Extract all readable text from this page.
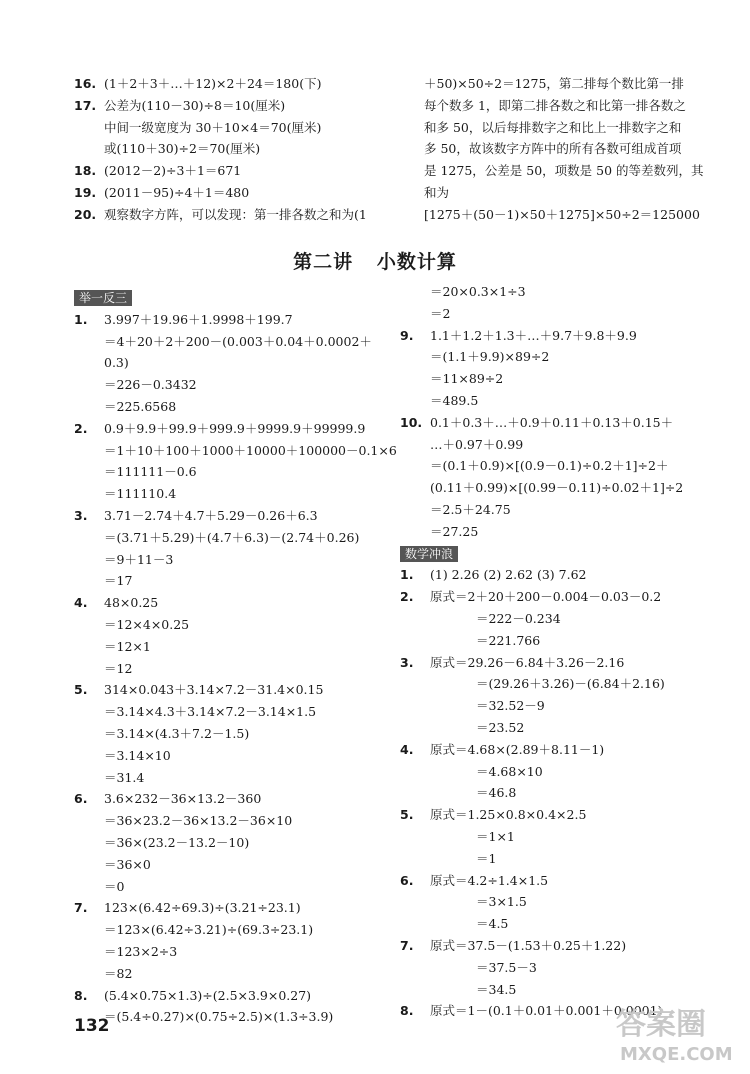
16. (1＋2＋3＋…＋12)×2＋24＝180(下)
17. 公差为(110－30)÷8＝10(厘米)
中间一级宽度为 30＋10×4＝70(厘米)
或(110＋30)÷2＝70(厘米)
18. (2012－2)÷3＋1＝671
19. (2011－95)÷4＋1＝480
20. 观察数字方阵，可以发现：第一排各数之和为(1
＋50)×50÷2＝1275，第二排每个数比第一排
每个数多 1，即第二排各数之和比第一排各数之
和多 50，以后每排数字之和比上一排数字之和
多 50，故该数字方阵中的所有各数可组成首项
是 1275，公差是 50，项数是 50 的等差数列，其
和为
[1275＋(50－1)×50＋1275]×50÷2＝125000
第二讲 小数计算
举一反三
1. 3.997＋19.96＋1.9998＋199.7
＝4＋20＋2＋200－(0.003＋0.04＋0.0002＋
0.3)
＝226－0.3432
＝225.6568
2. 0.9＋9.9＋99.9＋999.9＋9999.9＋99999.9
＝1＋10＋100＋1000＋10000＋100000－0.1×6
＝111111－0.6
＝111110.4
3. 3.71－2.74＋4.7＋5.29－0.26＋6.3
＝(3.71＋5.29)＋(4.7＋6.3)－(2.74＋0.26)
＝9＋11－3
＝17
4. 48×0.25
＝12×4×0.25
＝12×1
＝12
5. 314×0.043＋3.14×7.2－31.4×0.15
＝3.14×4.3＋3.14×7.2－3.14×1.5
＝3.14×(4.3＋7.2－1.5)
＝3.14×10
＝31.4
6. 3.6×232－36×13.2－360
＝36×23.2－36×13.2－36×10
＝36×(23.2－13.2－10)
＝36×0
＝0
7. 123×(6.42÷69.3)÷(3.21÷23.1)
＝123×(6.42÷3.21)÷(69.3÷23.1)
＝123×2÷3
＝82
8. (5.4×0.75×1.3)÷(2.5×3.9×0.27)
＝(5.4÷0.27)×(0.75÷2.5)×(1.3÷3.9)
＝20×0.3×1÷3
＝2
9. 1.1＋1.2＋1.3＋…＋9.7＋9.8＋9.9
＝(1.1＋9.9)×89÷2
＝11×89÷2
＝489.5
10. 0.1＋0.3＋…＋0.9＋0.11＋0.13＋0.15＋
…＋0.97＋0.99
＝(0.1＋0.9)×[(0.9－0.1)÷0.2＋1]÷2＋
(0.11＋0.99)×[(0.99－0.11)÷0.02＋1]÷2
＝2.5＋24.75
＝27.25
数学冲浪
1. (1) 2.26 (2) 2.62 (3) 7.62
2. 原式＝2＋20＋200－0.004－0.03－0.2
＝222－0.234
＝221.766
3. 原式＝29.26－6.84＋3.26－2.16
＝(29.26＋3.26)－(6.84＋2.16)
＝32.52－9
＝23.52
4. 原式＝4.68×(2.89＋8.11－1)
＝4.68×10
＝46.8
5. 原式＝1.25×0.8×0.4×2.5
＝1×1
＝1
6. 原式＝4.2÷1.4×1.5
＝3×1.5
＝4.5
7. 原式＝37.5－(1.53＋0.25＋1.22)
＝37.5－3
＝34.5
8. 原式＝1－(0.1＋0.01＋0.001＋0.0001)
132	答案圈
MXQE.COM
